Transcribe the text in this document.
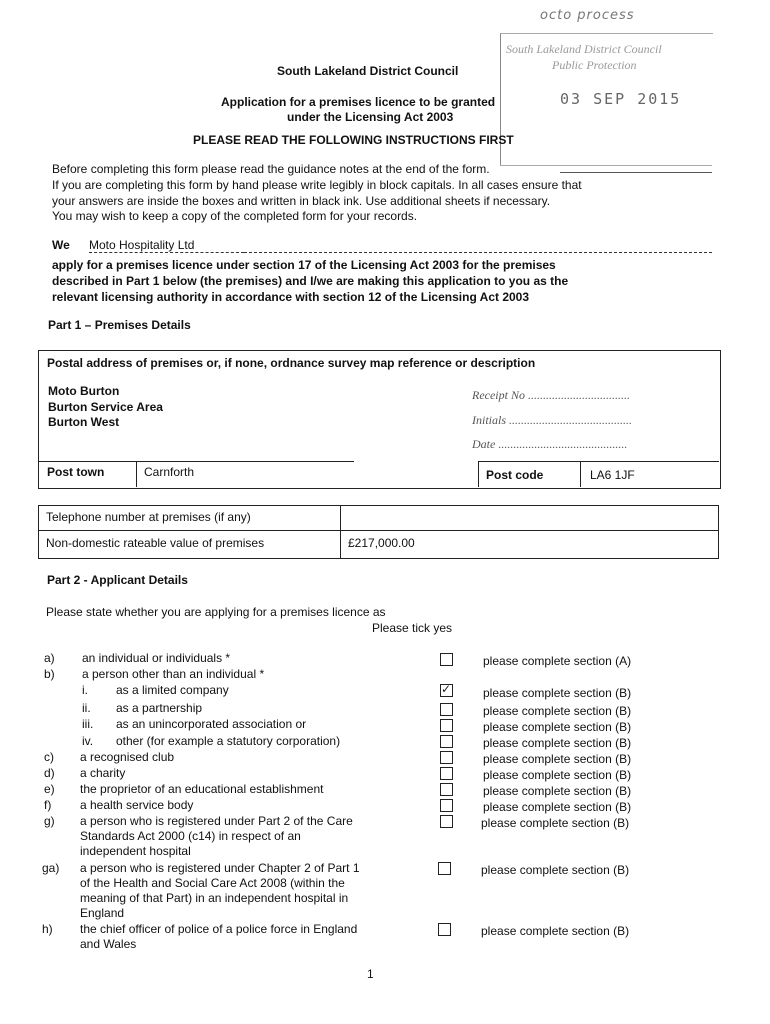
octo process
South Lakeland District Council
Public Protection
03 SEP 2015
South Lakeland District Council
Application for a premises licence to be granted
under the Licensing Act 2003
PLEASE READ THE FOLLOWING INSTRUCTIONS FIRST
Before completing this form please read the guidance notes at the end of the form.
If you are completing this form by hand please write legibly in block capitals. In all cases ensure that
your answers are inside the boxes and written in black ink. Use additional sheets if necessary.
You may wish to keep a copy of the completed form for your records.
We Moto Hospitality Ltd
apply for a premises licence under section 17 of the Licensing Act 2003 for the premises
described in Part 1 below (the premises) and I/we are making this application to you as the
relevant licensing authority in accordance with section 12 of the Licensing Act 2003
Part 1 – Premises Details
Postal address of premises or, if none, ordnance survey map reference or description
Moto Burton
Burton Service Area
Burton West
Receipt No ..................................
Initials .........................................
Date ...........................................
Post town	Carnforth	Post code	LA6 1JF
Telephone number at premises (if any)
Non-domestic rateable value of premises	£217,000.00
Part 2 - Applicant Details
Please state whether you are applying for a premises licence as
Please tick yes
a) an individual or individuals *	please complete section (A)
b) a person other than an individual *
i. as a limited company ✓	please complete section (B)
ii. as a partnership	please complete section (B)
iii. as an unincorporated association or	please complete section (B)
iv. other (for example a statutory corporation)	please complete section (B)
c) a recognised club	please complete section (B)
d) a charity	please complete section (B)
e) the proprietor of an educational establishment	please complete section (B)
f) a health service body	please complete section (B)
g) a person who is registered under Part 2 of the Care
Standards Act 2000 (c14) in respect of an
independent hospital
please complete section (B)
ga) a person who is registered under Chapter 2 of Part 1
of the Health and Social Care Act 2008 (within the
meaning of that Part) in an independent hospital in
England
please complete section (B)
h) the chief officer of police of a police force in England
and Wales
please complete section (B)
1
